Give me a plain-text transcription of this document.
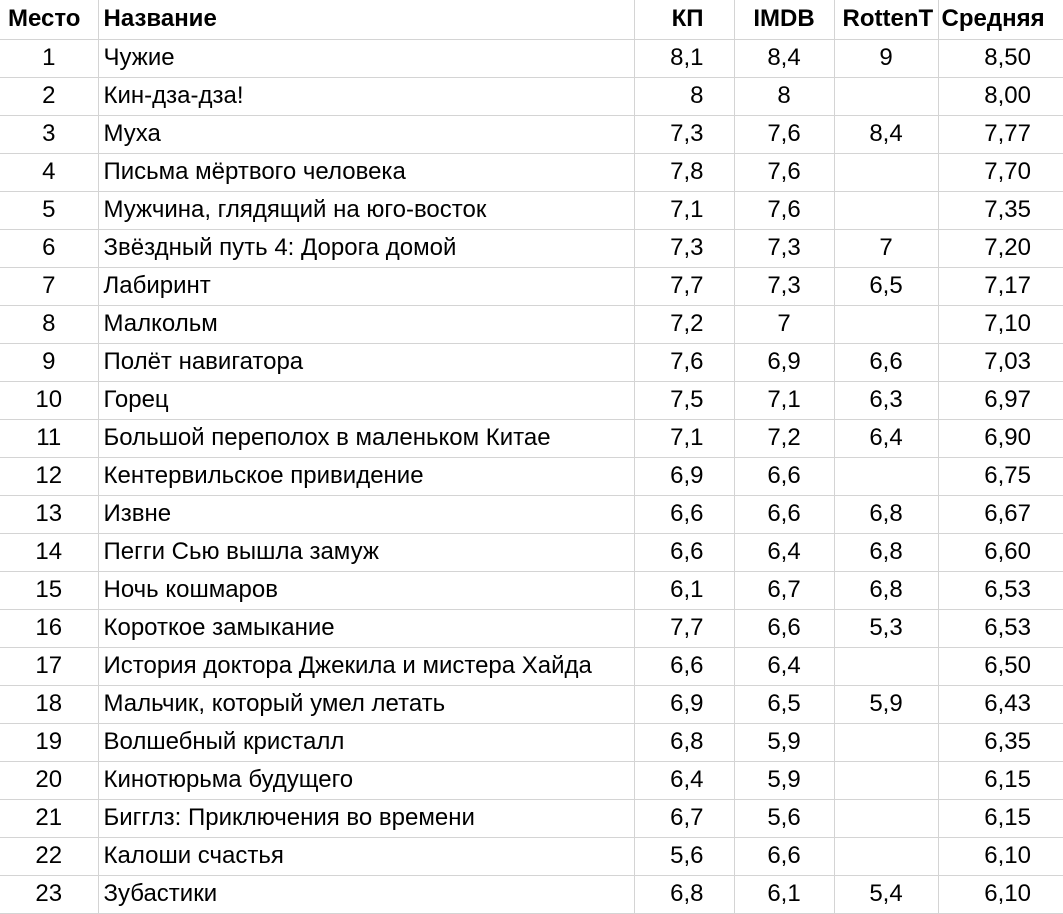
Место	Название	КП	IMDB	RottenT	Средняя
1	Чужие	8,1	8,4	9	8,50
2	Кин-дза-дза!	8	8		8,00
3	Муха	7,3	7,6	8,4	7,77
4	Письма мёртвого человека	7,8	7,6		7,70
5	Мужчина, глядящий на юго-восток	7,1	7,6		7,35
6	Звёздный путь 4: Дорога домой	7,3	7,3	7	7,20
7	Лабиринт	7,7	7,3	6,5	7,17
8	Малкольм	7,2	7		7,10
9	Полёт навигатора	7,6	6,9	6,6	7,03
10	Горец	7,5	7,1	6,3	6,97
11	Большой переполох в маленьком Китае	7,1	7,2	6,4	6,90
12	Кентервильское привидение	6,9	6,6		6,75
13	Извне	6,6	6,6	6,8	6,67
14	Пегги Сью вышла замуж	6,6	6,4	6,8	6,60
15	Ночь кошмаров	6,1	6,7	6,8	6,53
16	Короткое замыкание	7,7	6,6	5,3	6,53
17	История доктора Джекила и мистера Хайда	6,6	6,4		6,50
18	Мальчик, который умел летать	6,9	6,5	5,9	6,43
19	Волшебный кристалл	6,8	5,9		6,35
20	Кинотюрьма будущего	6,4	5,9		6,15
21	Бигглз: Приключения во времени	6,7	5,6		6,15
22	Калоши счастья	5,6	6,6		6,10
23	Зубастики	6,8	6,1	5,4	6,10
